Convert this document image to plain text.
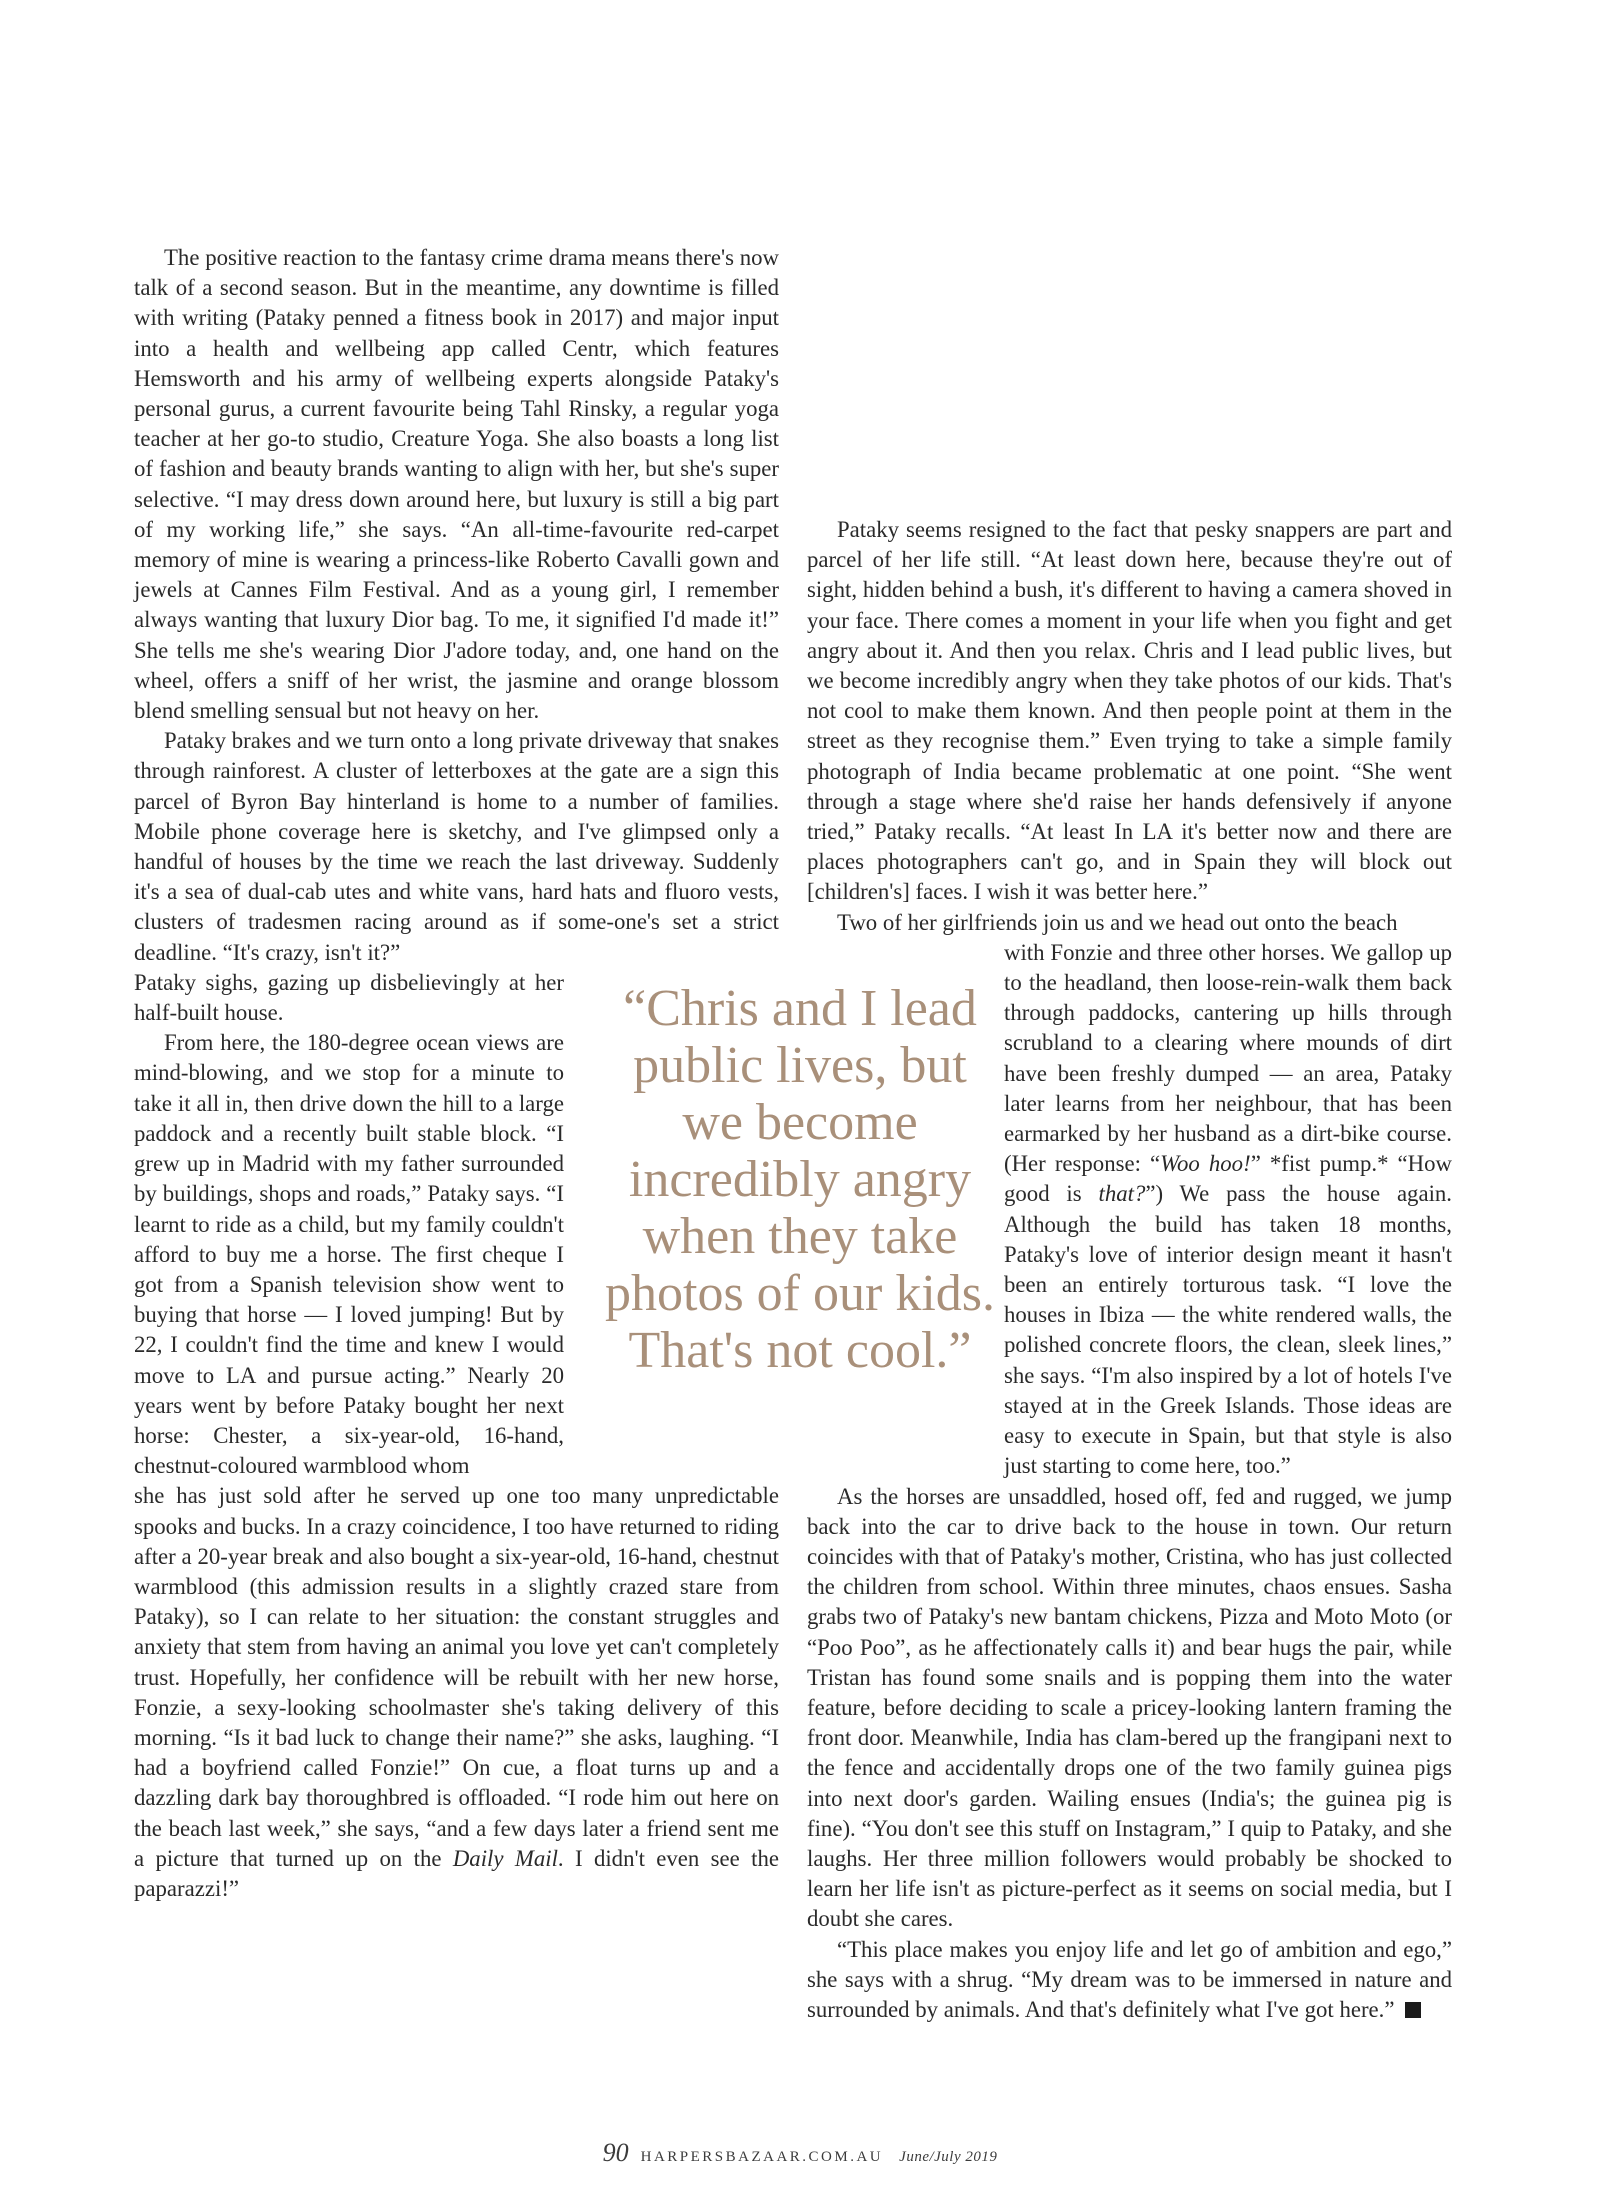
The positive reaction to the fantasy crime drama means there's now talk of a second season. But in the meantime, any downtime is filled with writing (Pataky penned a fitness book in 2017) and major input into a health and wellbeing app called Centr, which features Hemsworth and his army of wellbeing experts alongside Pataky's personal gurus, a current favourite being Tahl Rinsky, a regular yoga teacher at her go-to studio, Creature Yoga. She also boasts a long list of fashion and beauty brands wanting to align with her, but she's super selective. “I may dress down around here, but luxury is still a big part of my working life,” she says. “An all-time-favourite red-carpet memory of mine is wearing a princess-like Roberto Cavalli gown and jewels at Cannes Film Festival. And as a young girl, I remember always wanting that luxury Dior bag. To me, it signified I'd made it!” She tells me she's wearing Dior J'adore today, and, one hand on the wheel, offers a sniff of her wrist, the jasmine and orange blossom blend smelling sensual but not heavy on her.

Pataky brakes and we turn onto a long private driveway that snakes through rainforest. A cluster of letterboxes at the gate are a sign this parcel of Byron Bay hinterland is home to a number of families. Mobile phone coverage here is sketchy, and I've glimpsed only a handful of houses by the time we reach the last driveway. Suddenly it's a sea of dual-cab utes and white vans, hard hats and fluoro vests, clusters of tradesmen racing around as if some-one's set a strict deadline. “It's crazy, isn't it?”

Pataky sighs, gazing up disbelievingly at her half-built house.

From here, the 180-degree ocean views are mind-blowing, and we stop for a minute to take it all in, then drive down the hill to a large paddock and a recently built stable block. “I grew up in Madrid with my father surrounded by buildings, shops and roads,” Pataky says. “I learnt to ride as a child, but my family couldn't afford to buy me a horse. The first cheque I got from a Spanish television show went to buying that horse — I loved jumping! But by 22, I couldn't find the time and knew I would move to LA and pursue acting.” Nearly 20 years went by before Pataky bought her next horse: Chester, a six-year-old, 16-hand, chestnut-coloured warmblood whom

she has just sold after he served up one too many unpredictable spooks and bucks. In a crazy coincidence, I too have returned to riding after a 20-year break and also bought a six-year-old, 16-hand, chestnut warmblood (this admission results in a slightly crazed stare from Pataky), so I can relate to her situation: the constant struggles and anxiety that stem from having an animal you love yet can't completely trust. Hopefully, her confidence will be rebuilt with her new horse, Fonzie, a sexy-looking schoolmaster she's taking delivery of this morning. “Is it bad luck to change their name?” she asks, laughing. “I had a boyfriend called Fonzie!” On cue, a float turns up and a dazzling dark bay thoroughbred is offloaded. “I rode him out here on the beach last week,” she says, “and a few days later a friend sent me a picture that turned up on the Daily Mail. I didn't even see the paparazzi!”

“Chris and I lead public lives, but we become incredibly angry when they take photos of our kids. That's not cool.”

Pataky seems resigned to the fact that pesky snappers are part and parcel of her life still. “At least down here, because they're out of sight, hidden behind a bush, it's different to having a camera shoved in your face. There comes a moment in your life when you fight and get angry about it. And then you relax. Chris and I lead public lives, but we become incredibly angry when they take photos of our kids. That's not cool to make them known. And then people point at them in the street as they recognise them.” Even trying to take a simple family photograph of India became problematic at one point. “She went through a stage where she'd raise her hands defensively if anyone tried,” Pataky recalls. “At least In LA it's better now and there are places photographers can't go, and in Spain they will block out [children's] faces. I wish it was better here.”

Two of her girlfriends join us and we head out onto the beach

with Fonzie and three other horses. We gallop up to the headland, then loose-rein-walk them back through paddocks, cantering up hills through scrubland to a clearing where mounds of dirt have been freshly dumped — an area, Pataky later learns from her neighbour, that has been earmarked by her husband as a dirt-bike course. (Her response: “Woo hoo!” *fist pump.* “How good is that?”) We pass the house again. Although the build has taken 18 months, Pataky's love of interior design meant it hasn't been an entirely torturous task. “I love the houses in Ibiza — the white rendered walls, the polished concrete floors, the clean, sleek lines,” she says. “I'm also inspired by a lot of hotels I've stayed at in the Greek Islands. Those ideas are easy to execute in Spain, but that style is also just starting to come here, too.”

As the horses are unsaddled, hosed off, fed and rugged, we jump back into the car to drive back to the house in town. Our return coincides with that of Pataky's mother, Cristina, who has just collected the children from school. Within three minutes, chaos ensues. Sasha grabs two of Pataky's new bantam chickens, Pizza and Moto Moto (or “Poo Poo”, as he affectionately calls it) and bear hugs the pair, while Tristan has found some snails and is popping them into the water feature, before deciding to scale a pricey-looking lantern framing the front door. Meanwhile, India has clam-bered up the frangipani next to the fence and accidentally drops one of the two family guinea pigs into next door's garden. Wailing ensues (India's; the guinea pig is fine). “You don't see this stuff on Instagram,” I quip to Pataky, and she laughs. Her three million followers would probably be shocked to learn her life isn't as picture-perfect as it seems on social media, but I doubt she cares.

“This place makes you enjoy life and let go of ambition and ego,” she says with a shrug. “My dream was to be immersed in nature and surrounded by animals. And that's definitely what I've got here.”

90 HARPERSBAZAAR.COM.AU June/July 2019
